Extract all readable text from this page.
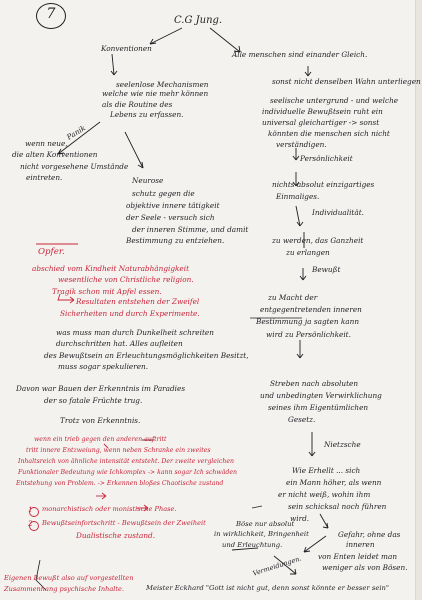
7	C.G Jung.
Konventionen
seelenlose Mechanismen
welche wie nie mehr können
als die Routine des
Lebens zu erfassen.
Panik
wenn neue,
die alten Konventionen
nicht vorgesehene Umstände
eintreten.	Neurose
schutz gegen die
objektive innere tätigkeit
der Seele - versuch sich
der inneren Stimme, und damit
Bestimmung zu entziehen.
Alle menschen sind einander Gleich.
sonst nicht denselben Wahn unterliegen
seelische untergrund - und welche
individuelle Bewußtsein ruht ein
universal gleichartiger -> sonst
könnten die menschen sich nicht
verständigen.
Persönlichkeit
nichts absolut einzigartiges
Einmaliges.
Individualität.
zu werden, das Ganzheit
zu erlangen
Bewußt
zu Macht der
entgegentretenden inneren
Bestimmung ja sagten kann
wird zu Persönlichkeit.
Streben nach absoluten
und unbedingten Verwirklichung
seines ihm Eigentümlichen
Gesetz.
Nietzsche
Wie Erhellt ... sich
ein Mann höher, als wenn
er nicht weiß, wohin ihm
sein schicksal noch führen
wird.
Gefahr, ohne das
inneren
von Enten leidet man
weniger als von Bösen.
Opfer.
abschied vom Kindheit Naturabhängigkeit
wesentliche von Christliche religion.
Tragik schon mit Apfel essen.
Resultaten entstehen der Zweifel
Sicherheiten und durch Experimente.
was muss man durch Dunkelheit schreiten
durchschritten hat. Alles aufleiten
des Bewußtsein an Erleuchtungsmöglichkeiten Besitzt,
muss sogar spekulieren.
Davon war Bauen der Erkenntnis im Paradies
der so fatale Früchte trug.
Trotz von Erkenntnis.
wenn ein trieb gegen den anderen auftritt
tritt innere Entzweiung, wenn neben Schranke ein zweites
Inhaltsreich von ähnliche intensität entsteht. Der zweite vergleichen
Funktionaler Bedeutung wie Ichkomplex -> kann sogar Ich schwäden
Entstehung von Problem. -> Erkennen bloßes Chaotische zustand
1 monarchistisch oder monistische Phase.
2 Bewußtseinfortschritt - Bewußtsein der Zweiheit
Dualistische zustand.
Böse nur absolut
in wirklichkeit, Bringenheit
und Erleuchtung.
Vermeidungen.
Meister Eckhard "Gott ist nicht gut, denn sonst könnte er besser sein"
Eigenen Bewußt also auf vorgestellten
Zusammenhang psychische Inhalte.
